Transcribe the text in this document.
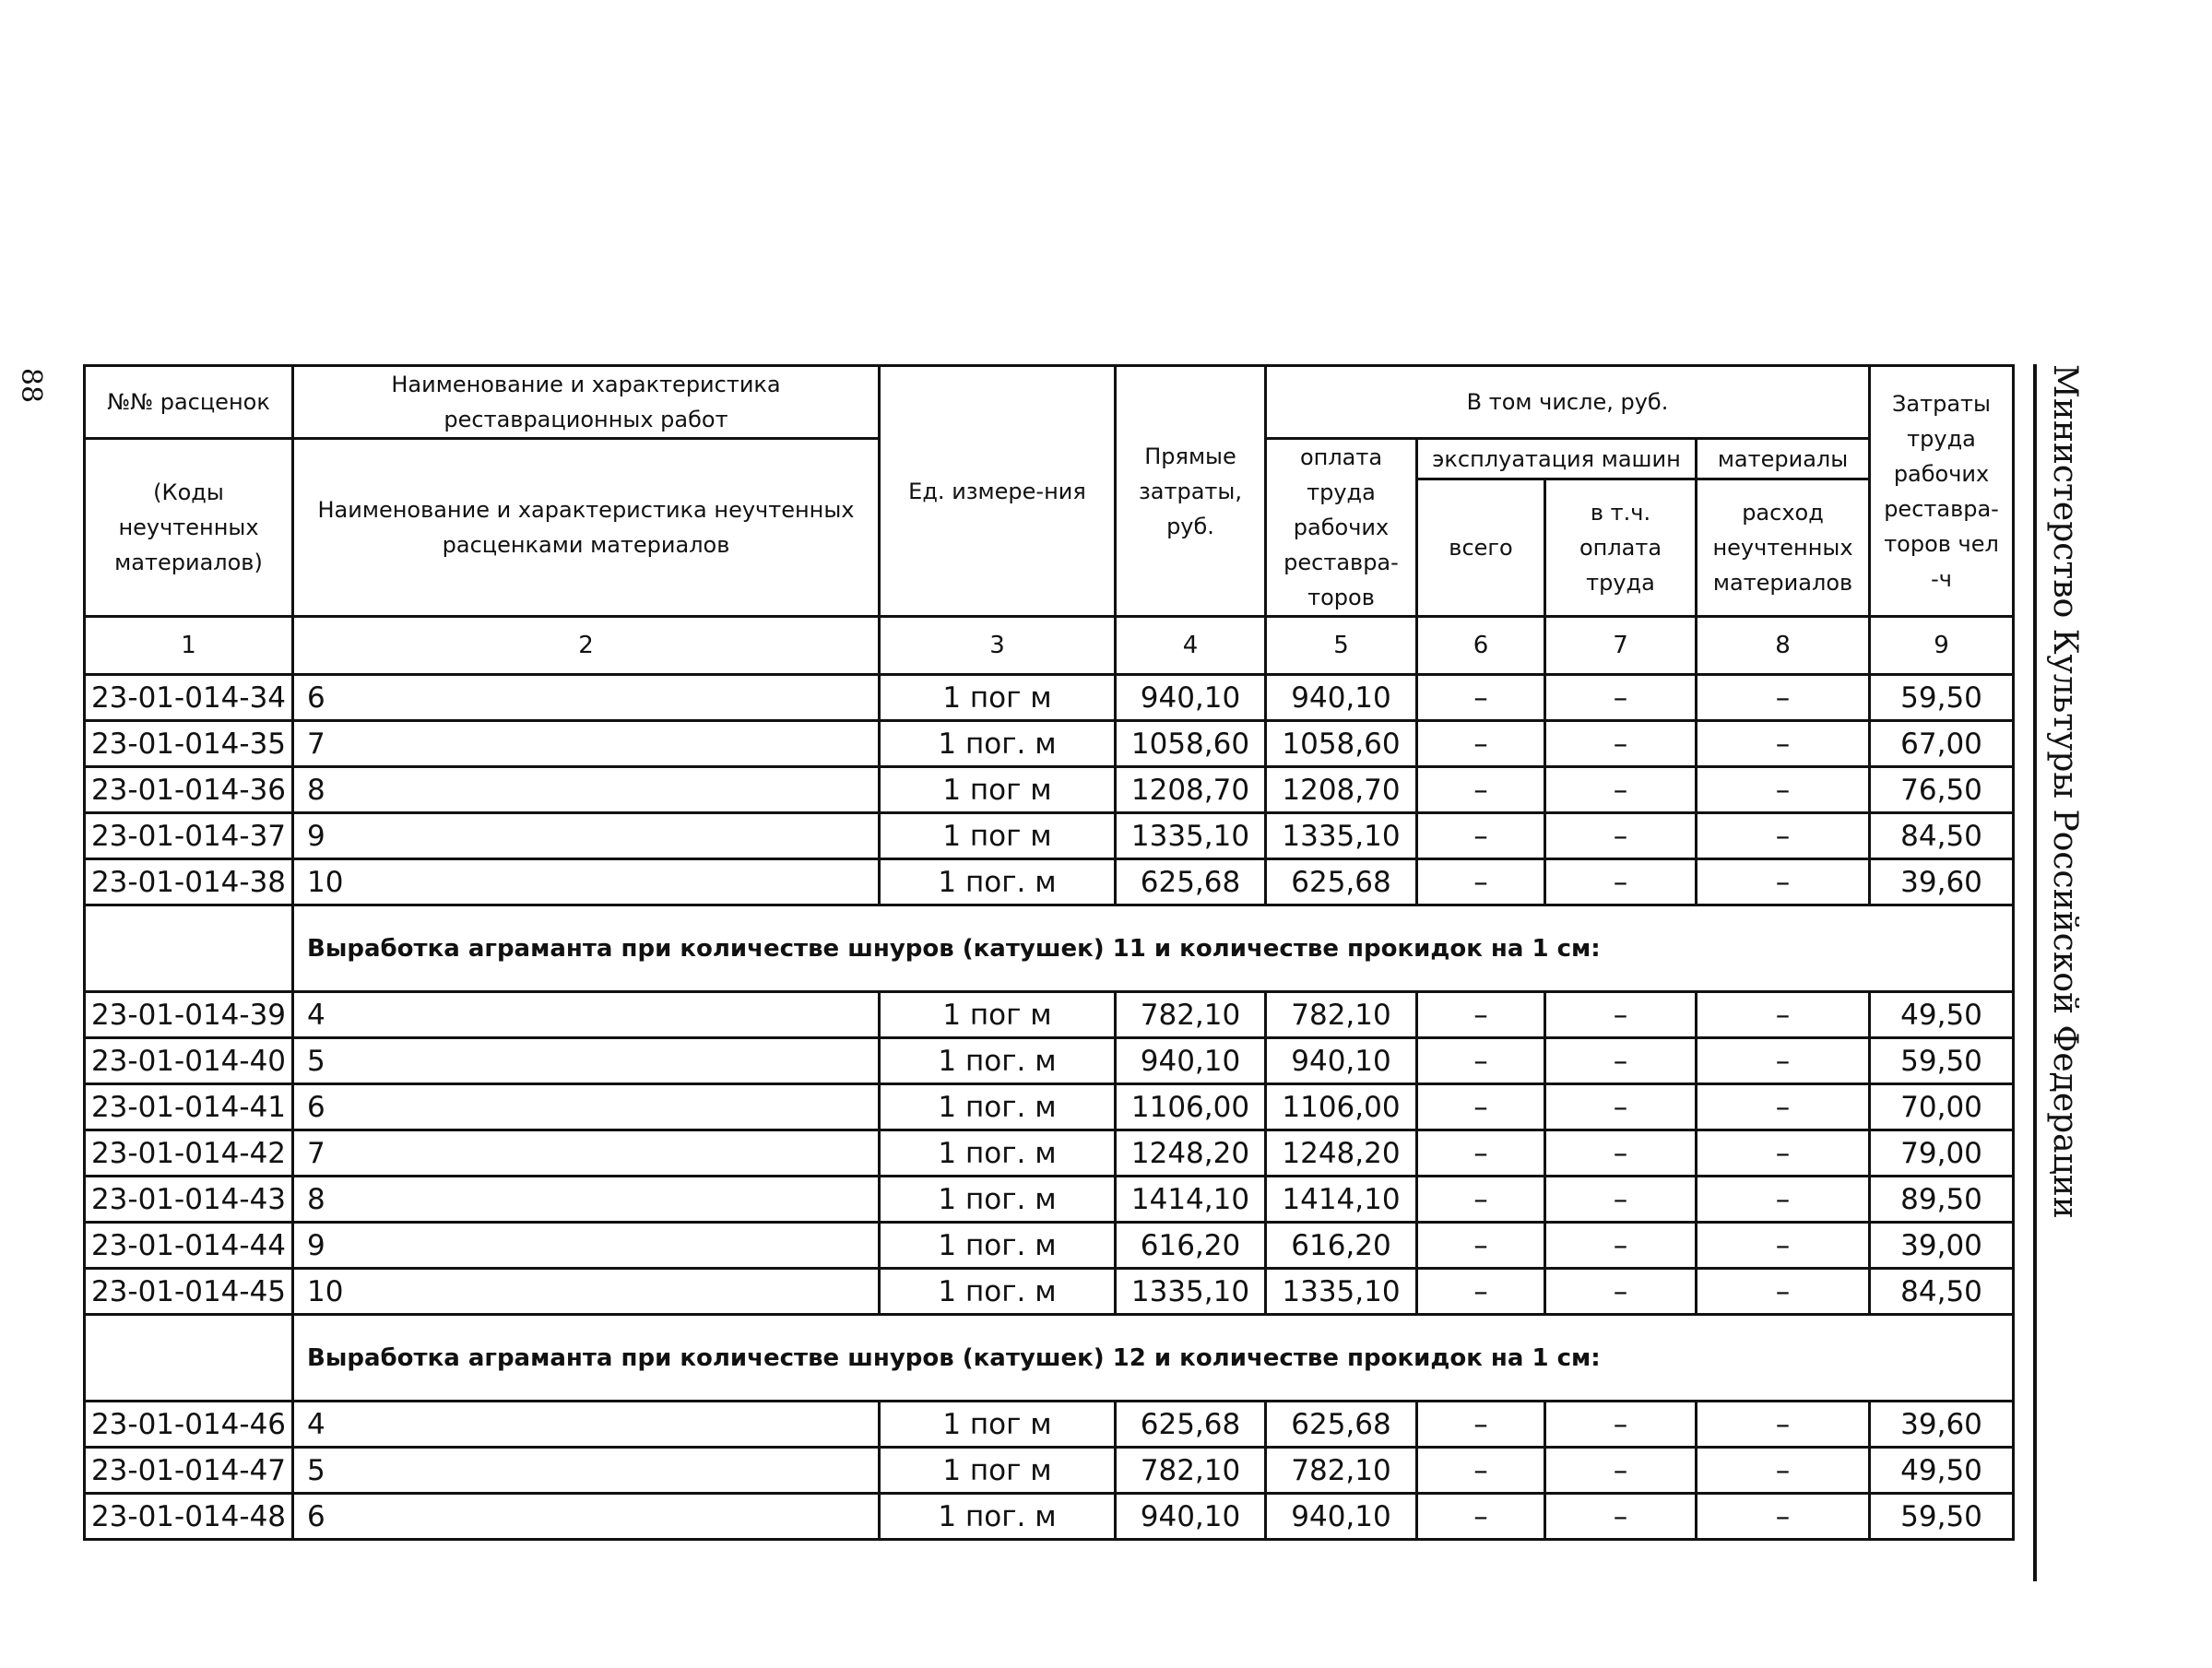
88	Министерство Культуры Российской Федерации
№№ расценок	Наименование и характеристика реставрационных работ	Ед. измере-ния	Прямые затраты, руб.	В том числе, руб.				Затраты труда рабочих реставра-торов чел -ч
(Коды неучтенных материалов)	Наименование и характеристика неучтенных расценками материалов			оплата труда рабочих реставра-торов	эксплуатация машин		материалы	
					всего	в т.ч. оплата труда	расход неучтенных материалов	
1	2	3	4	5	6	7	8	9
23-01-014-34	6	1 пог м	940,10	940,10	–	–	–	59,50
23-01-014-35	7	1 пог. м	1058,60	1058,60	–	–	–	67,00
23-01-014-36	8	1 пог м	1208,70	1208,70	–	–	–	76,50
23-01-014-37	9	1 пог м	1335,10	1335,10	–	–	–	84,50
23-01-014-38	10	1 пог. м	625,68	625,68	–	–	–	39,60
	Выработка аграманта при количестве шнуров (катушек) 11 и количестве прокидок на 1 см:							
23-01-014-39	4	1 пог м	782,10	782,10	–	–	–	49,50
23-01-014-40	5	1 пог. м	940,10	940,10	–	–	–	59,50
23-01-014-41	6	1 пог. м	1106,00	1106,00	–	–	–	70,00
23-01-014-42	7	1 пог. м	1248,20	1248,20	–	–	–	79,00
23-01-014-43	8	1 пог. м	1414,10	1414,10	–	–	–	89,50
23-01-014-44	9	1 пог. м	616,20	616,20	–	–	–	39,00
23-01-014-45	10	1 пог. м	1335,10	1335,10	–	–	–	84,50
	Выработка аграманта при количестве шнуров (катушек) 12 и количестве прокидок на 1 см:							
23-01-014-46	4	1 пог м	625,68	625,68	–	–	–	39,60
23-01-014-47	5	1 пог м	782,10	782,10	–	–	–	49,50
23-01-014-48	6	1 пог. м	940,10	940,10	–	–	–	59,50
